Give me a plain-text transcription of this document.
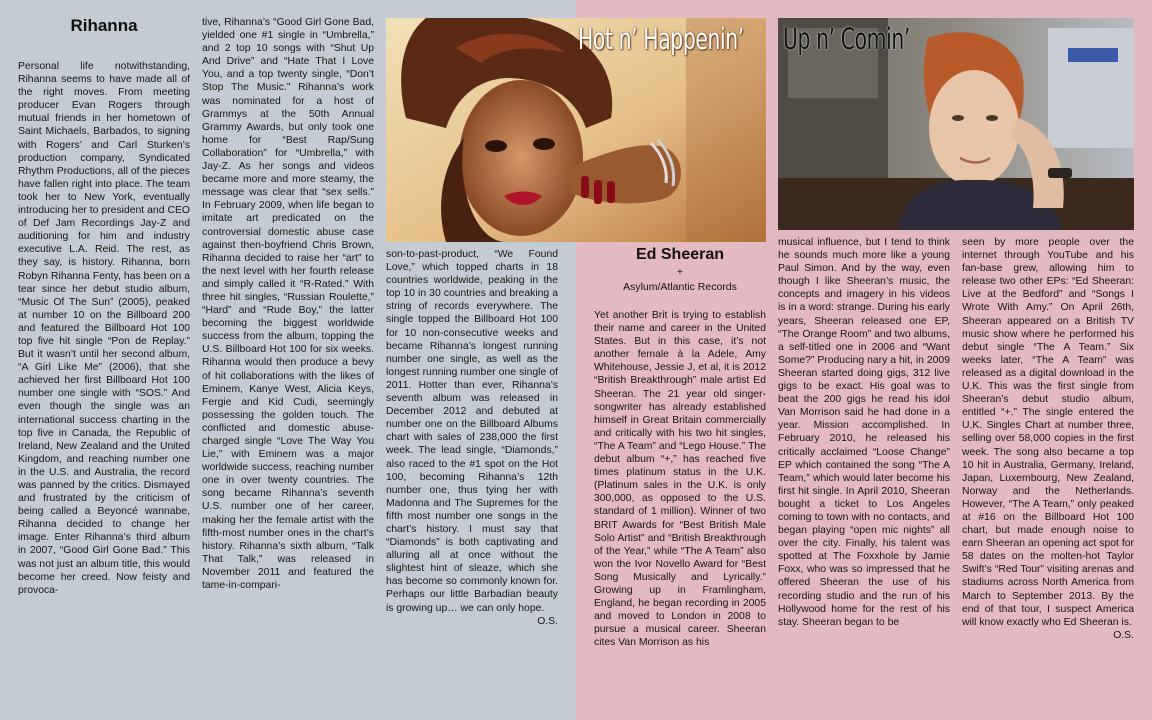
Rihanna

Personal life notwithstanding, Rihanna seems to have made all of the right moves. From meeting producer Evan Rogers through mutual friends in her hometown of Saint Michaels, Barbados, to signing with Rogers’ and Carl Sturken’s production company, Syndicated Rhythm Productions, all of the pieces have fallen right into place. The team took her to New York, eventually introducing her to president and CEO of Def Jam Recordings Jay-Z and auditioning for him and industry executive L.A. Reid. The rest, as they say, is history. Rihanna, born Robyn Rihanna Fenty, has been on a tear since her debut studio album, “Music Of The Sun” (2005), peaked at number 10 on the Billboard 200 and featured the Billboard Hot 100 top five hit single “Pon de Replay.” But it wasn’t until her second album, “A Girl Like Me” (2006), that she achieved her first Billboard Hot 100 number one single with “SOS.” And even though the single was an international success charting in the top five in Canada, the Republic of Ireland, New Zealand and the United Kingdom, and reaching number one in the U.S. and Australia, the record was panned by the critics. Dismayed and frustrated by the criticism of being called a Beyoncé wannabe, Rihanna decided to change her image. Enter Rihanna’s third album in 2007, “Good Girl Gone Bad.” This was not just an album title, this would become her creed. Now feisty and provoca-

tive, Rihanna’s “Good Girl Gone Bad, yielded one #1 single in “Umbrella,” and 2 top 10 songs with “Shut Up And Drive” and “Hate That I Love You, and a top twenty single, “Don’t Stop The Music.” Rihanna’s work was nominated for a host of Grammys at the 50th Annual Grammy Awards, but only took one home for “Best Rap/Sung Collaboration” for “Umbrella,” with Jay-Z. As her songs and videos became more and more steamy, the message was clear that “sex sells.” In February 2009, when life began to imitate art predicated on the controversial domestic abuse case against then-boyfriend Chris Brown, Rihanna decided to raise her “art” to the next level with her fourth release and simply called it “R-Rated.” With three hit singles, “Russian Roulette,” “Hard” and “Rude Boy,” the latter becoming the biggest worldwide success from the album, topping the U.S. Billboard Hot 100 for six weeks. Rihanna would then produce a bevy of hit collaborations with the likes of Eminem, Kanye West, Alicia Keys, Fergie and Kid Cudi, seemingly possessing the golden touch. The conflicted and domestic abuse-charged single “Love The Way You Lie,” with Eminem was a major worldwide success, reaching number one in over twenty countries. The song became Rihanna’s seventh U.S. number one of her career, making her the female artist with the fifth-most number ones in the chart’s history. Rihanna’s sixth album, “Talk That Talk,” was released in November 2011 and featured the tame-in-compari-

Hot n’ Happenin’

son-to-past-product, “We Found Love,” which topped charts in 18 countries worldwide, peaking in the top 10 in 30 countries and breaking a string of records everywhere. The single topped the Billboard Hot 100 for 10 non-consecutive weeks and became Rihanna’s longest running number one single, as well as the longest running number one single of 2011. Hotter than ever, Rihanna’s seventh album was released in December 2012 and debuted at number one on the Billboard Albums chart with sales of 238,000 the first week. The lead single, “Diamonds,” also raced to the #1 spot on the Hot 100, becoming Rihanna’s 12th number one, thus tying her with Madonna and The Supremes for the fifth most number one songs in the chart’s history. I must say that “Diamonds” is both captivating and alluring all at once without the slightest hint of sleaze, which she has become so commonly known for. Perhaps our little Barbadian beauty is growing up… we can only hope.
O.S.

Up n’ Comin’
Ed Sheeran
+
Asylum/Atlantic Records

Yet another Brit is trying to establish their name and career in the United States. But in this case, it’s not another female à la Adele, Amy Whitehouse, Jessie J, et al, it is 2012 “British Breakthrough” male artist Ed Sheeran. The 21 year old singer-songwriter has already established himself in Great Britain commercially and critically with his two hit singles, “The A Team” and “Lego House.” The debut album “+,” has reached five times platinum status in the U.K. (Platinum sales in the U.K. is only 300,000, as opposed to the U.S. standard of 1 million). Winner of two BRIT Awards for “Best British Male Solo Artist” and “British Breakthrough of the Year,” while “The A Team” also won the Ivor Novello Award for “Best Song Musically and Lyrically.” Growing up in Framlingham, England, he began recording in 2005 and moved to London in 2008 to pursue a musical career. Sheeran cites Van Morrison as his

musical influence, but I tend to think he sounds much more like a young Paul Simon. And by the way, even though I like Sheeran’s music, the concepts and imagery in his videos is in a word: strange. During his early years, Sheeran released one EP, “The Orange Room” and two albums, a self-titled one in 2006 and “Want Some?” Producing nary a hit, in 2009 Sheeran started doing gigs, 312 live gigs to be exact. His goal was to beat the 200 gigs he read his idol Van Morrison said he had done in a year. Mission accomplished. In February 2010, he released his critically acclaimed “Loose Change” EP which contained the song “The A Team,” which would later become his first hit single. In April 2010, Sheeran bought a ticket to Los Angeles coming to town with no contacts, and began playing “open mic nights” all over the city. Finally, his talent was spotted at The Foxxhole by Jamie Foxx, who was so impressed that he offered Sheeran the use of his recording studio and the run of his Hollywood home for the rest of his stay. Sheeran began to be

seen by more people over the internet through YouTube and his fan-base grew, allowing him to release two other EPs: “Ed Sheeran: Live at the Bedford” and “Songs I Wrote With Amy.” On April 26th, Sheeran appeared on a British TV music show where he performed his debut single “The A Team.” Six weeks later, “The A Team” was released as a digital download in the U.K. This was the first single from Sheeran’s debut studio album, entitled “+.” The single entered the U.K. Singles Chart at number three, selling over 58,000 copies in the first week. The song also became a top 10 hit in Australia, Germany, Ireland, Japan, Luxembourg, New Zealand, Norway and the Netherlands. However, “The A Team,” only peaked at #16 on the Billboard Hot 100 chart, but made enough noise to earn Sheeran an opening act spot for 58 dates on the molten-hot Taylor Swift’s “Red Tour” visiting arenas and stadiums across North America from March to September 2013. By the end of that tour, I suspect America will know exactly who Ed Sheeran is.
O.S.
